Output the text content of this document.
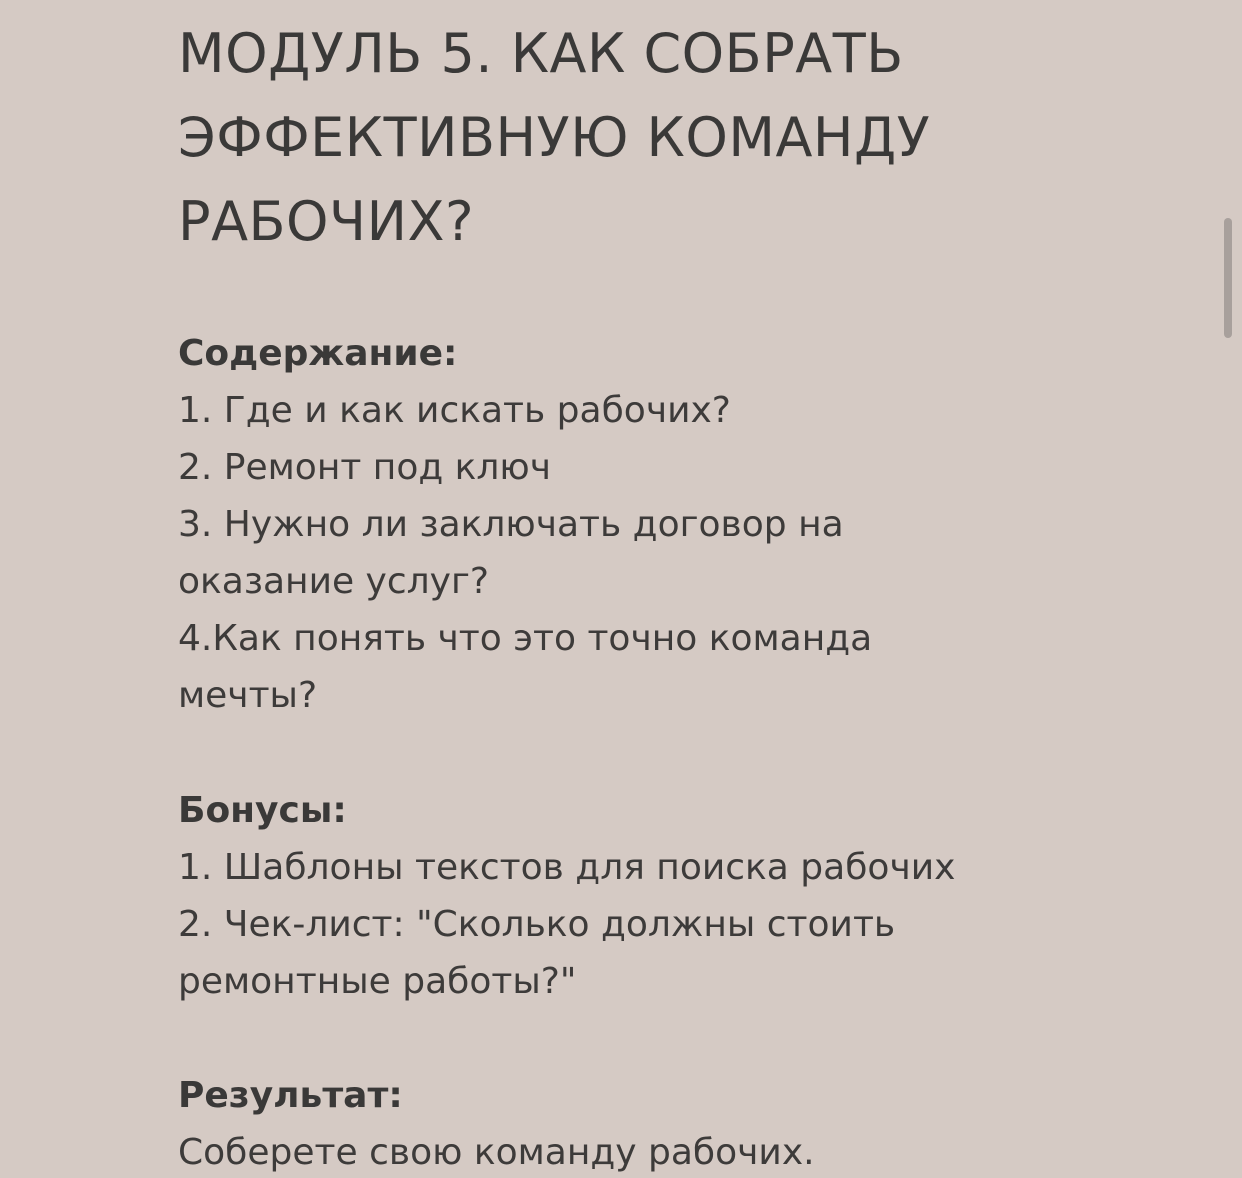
МОДУЛЬ 5. КАК СОБРАТЬ
ЭФФЕКТИВНУЮ КОМАНДУ
РАБОЧИХ?
Содержание:
1. Где и как искать рабочих?
2. Ремонт под ключ
3. Нужно ли заключать договор на
оказание услуг?
4.Как понять что это точно команда
мечты?
Бонусы:
1. Шаблоны текстов для поиска рабочих
2. Чек-лист: "Сколько должны стоить
ремонтные работы?"
Результат:
Соберете свою команду рабочих.
